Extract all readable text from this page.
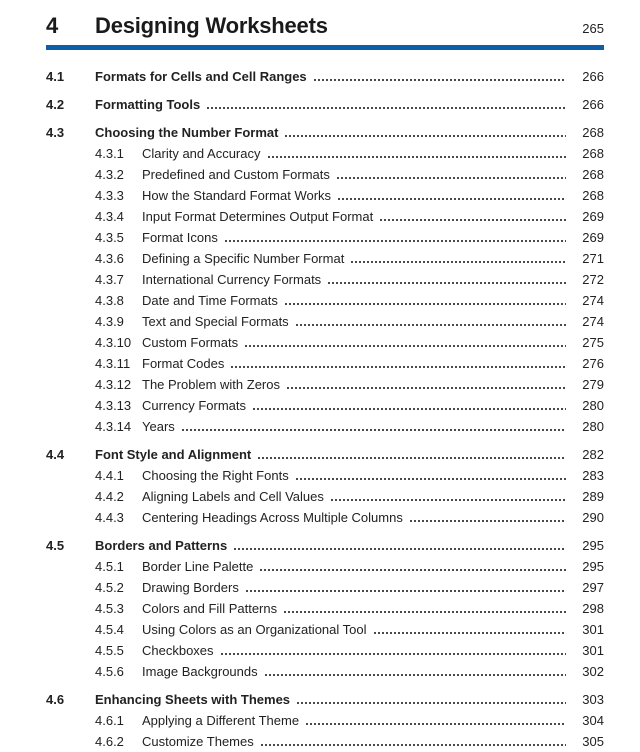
4	Designing Worksheets	265
4.1	Formats for Cells and Cell Ranges	266
4.2	Formatting Tools	266
4.3	Choosing the Number Format	268
4.3.1	Clarity and Accuracy	268
4.3.2	Predefined and Custom Formats	268
4.3.3	How the Standard Format Works	268
4.3.4	Input Format Determines Output Format	269
4.3.5	Format Icons	269
4.3.6	Defining a Specific Number Format	271
4.3.7	International Currency Formats	272
4.3.8	Date and Time Formats	274
4.3.9	Text and Special Formats	274
4.3.10 Custom Formats	275
4.3.11 Format Codes	276
4.3.12 The Problem with Zeros	279
4.3.13 Currency Formats	280
4.3.14 Years	280
4.4	Font Style and Alignment	282
4.4.1	Choosing the Right Fonts	283
4.4.2	Aligning Labels and Cell Values	289
4.4.3	Centering Headings Across Multiple Columns	290
4.5	Borders and Patterns	295
4.5.1	Border Line Palette	295
4.5.2	Drawing Borders	297
4.5.3	Colors and Fill Patterns	298
4.5.4	Using Colors as an Organizational Tool	301
4.5.5	Checkboxes	301
4.5.6	Image Backgrounds	302
4.6	Enhancing Sheets with Themes	303
4.6.1	Applying a Different Theme	304
4.6.2	Customize Themes	305
